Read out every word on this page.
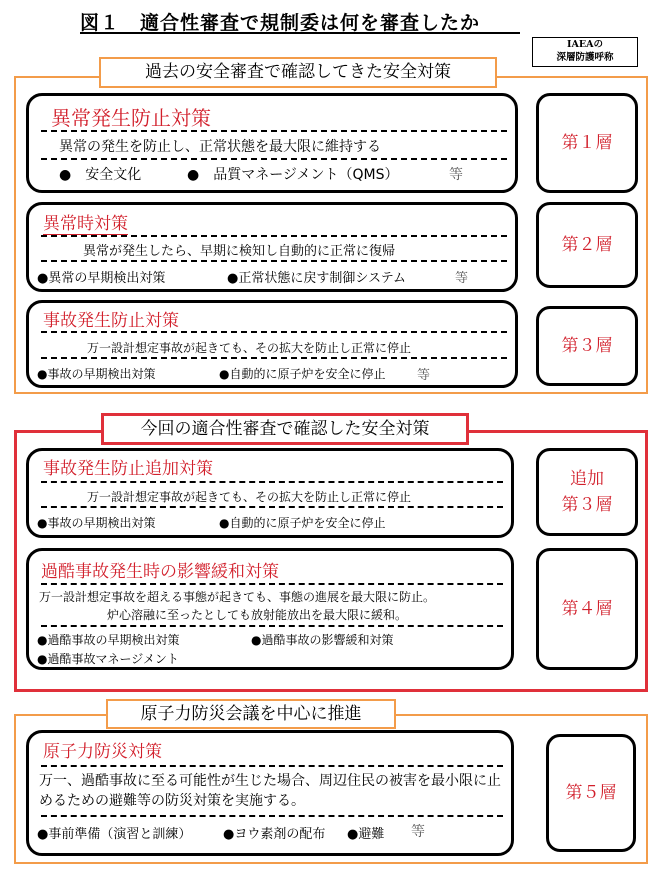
図１　適合性審査で規制委は何を審査したか
IAEAの
深層防護呼称
過去の安全審査で確認してきた安全対策
異常発生防止対策
異常の発生を防止し、正常状態を最大限に維持する
●　安全文化	●　品質マネージメント（QMS）	等
第１層
異常時対策
異常が発生したら、早期に検知し自動的に正常に復帰
●異常の早期検出対策	●正常状態に戻す制御システム	等
第２層
事故発生防止対策
万一設計想定事故が起きても、その拡大を防止し正常に停止
●事故の早期検出対策	●自動的に原子炉を安全に停止 等
第３層
今回の適合性審査で確認した安全対策
事故発生防止追加対策
万一設計想定事故が起きても、その拡大を防止し正常に停止
●事故の早期検出対策	●自動的に原子炉を安全に停止
追加
第３層
過酷事故発生時の影響緩和対策
万一設計想定事故を超える事態が起きても、事態の進展を最大限に防止。
炉心溶融に至ったとしても放射能放出を最大限に緩和。
●過酷事故の早期検出対策	●過酷事故の影響緩和対策
●過酷事故マネージメント
第４層
原子力防災会議を中心に推進
原子力防災対策
万一、過酷事故に至る可能性が生じた場合、周辺住民の被害を最小限に止めるための避難等の防災対策を実施する。
●事前準備（演習と訓練） ●ヨウ素剤の配布 ●避難 等
第５層
